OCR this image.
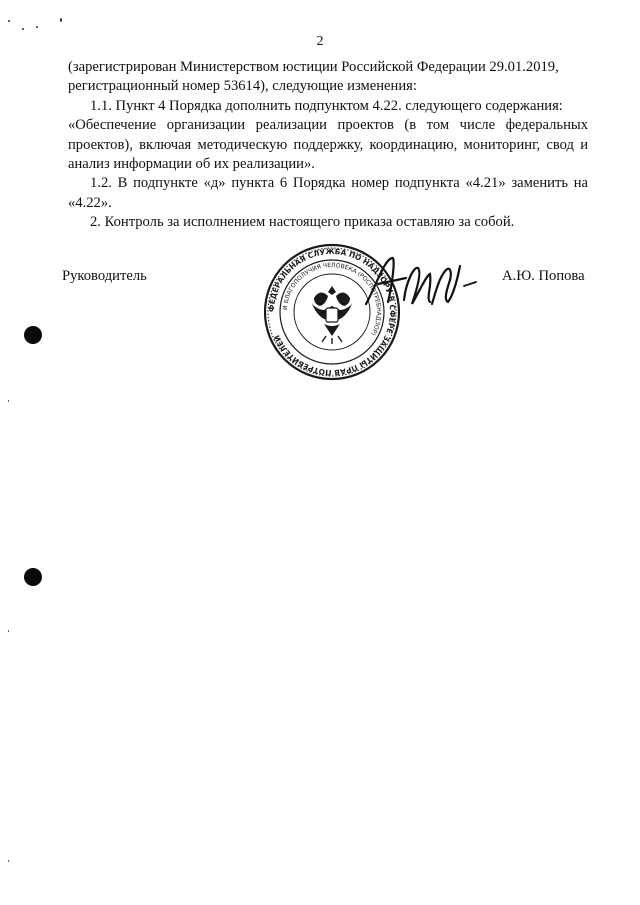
2

(зарегистрирован Министерством юстиции Российской Федерации 29.01.2019,
регистрационный номер 53614), следующие изменения:

1.1. Пункт 4 Порядка дополнить подпунктом 4.22. следующего содержания:

«Обеспечение организации реализации проектов (в том числе федеральных проектов), включая методическую поддержку, координацию, мониторинг, свод и анализ информации об их реализации».

1.2. В подпункте «д» пункта 6 Порядка номер подпункта «4.21» заменить на «4.22».

2. Контроль за исполнением настоящего приказа оставляю за собой.

Руководитель
ФЕДЕРАЛЬНАЯ СЛУЖБА ПО НАДЗОРУ В СФЕРЕ ЗАЩИТЫ ПРАВ ПОТРЕБИТЕЛЕЙ
И БЛАГОПОЛУЧИЯ ЧЕЛОВЕКА (РОСПОТРЕБНАДЗОР)
А.Ю. Попова
